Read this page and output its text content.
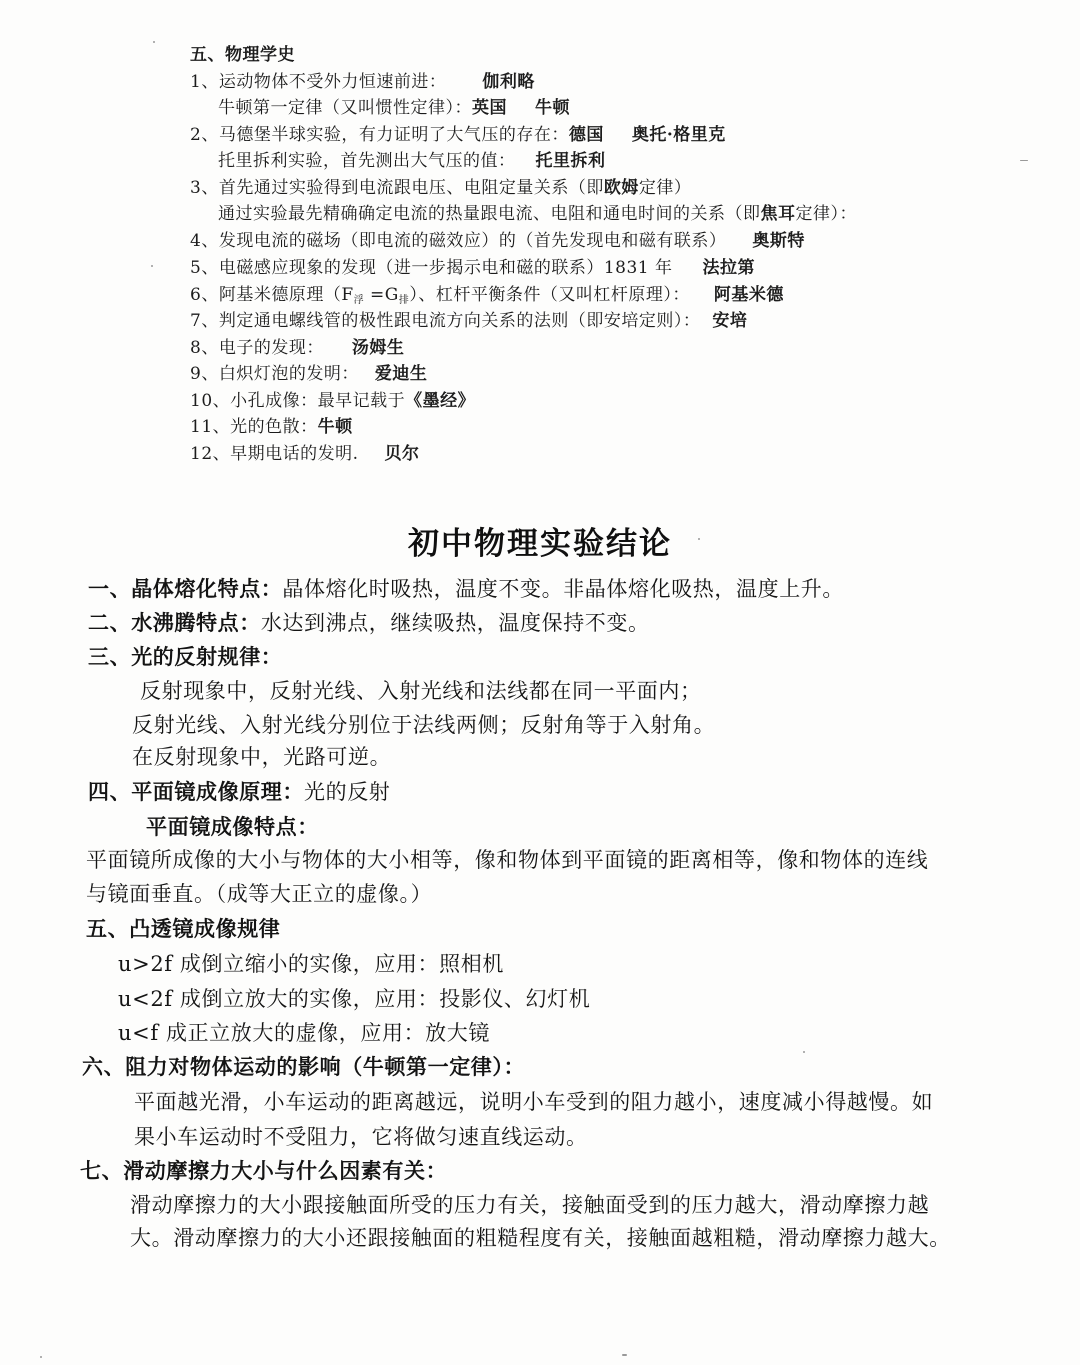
五、物理学史
1、运动物体不受外力恒速前进： 伽利略
牛顿第一定律（又叫惯性定律）：英国 牛顿
2、马德堡半球实验，有力证明了大气压的存在：德国 奥托·格里克
托里拆利实验，首先测出大气压的值： 托里拆利
3、首先通过实验得到电流跟电压、电阻定量关系（即欧姆定律）
通过实验最先精确确定电流的热量跟电流、电阻和通电时间的关系（即焦耳定律）：
4、发现电流的磁场（即电流的磁效应）的（首先发现电和磁有联系） 奥斯特
5、电磁感应现象的发现（进一步揭示电和磁的联系）1831 年 法拉第
6、阿基米德原理$(F_浮 =G_排)$、杠杆平衡条件（又叫杠杆原理）： 阿基米德
7、判定通电螺线管的极性跟电流方向关系的法则（即安培定则）： 安培
8、电子的发现： 汤姆生
9、白炽灯泡的发明： 爱迪生
10、小孔成像：最早记载于《墨经》
11、光的色散：牛顿
12、早期电话的发明. 贝尔
初中物理实验结论
一、晶体熔化特点：晶体熔化时吸热，温度不变。非晶体熔化吸热，温度上升。
二、水沸腾特点：水达到沸点，继续吸热，温度保持不变。
三、光的反射规律：
反射现象中，反射光线、入射光线和法线都在同一平面内；
反射光线、入射光线分别位于法线两侧；反射角等于入射角。
在反射现象中，光路可逆。
四、平面镜成像原理：光的反射
平面镜成像特点：
平面镜所成像的大小与物体的大小相等，像和物体到平面镜的距离相等，像和物体的连线
与镜面垂直。（成等大正立的虚像。）
五、凸透镜成像规律
u>2f 成倒立缩小的实像，应用：照相机
u<2f 成倒立放大的实像，应用：投影仪、幻灯机
u<f 成正立放大的虚像，应用：放大镜
六、阻力对物体运动的影响（牛顿第一定律）：
平面越光滑，小车运动的距离越远，说明小车受到的阻力越小，速度减小得越慢。如
果小车运动时不受阻力，它将做匀速直线运动。
七、滑动摩擦力大小与什么因素有关：
滑动摩擦力的大小跟接触面所受的压力有关，接触面受到的压力越大，滑动摩擦力越
大。滑动摩擦力的大小还跟接触面的粗糙程度有关，接触面越粗糙，滑动摩擦力越大。
